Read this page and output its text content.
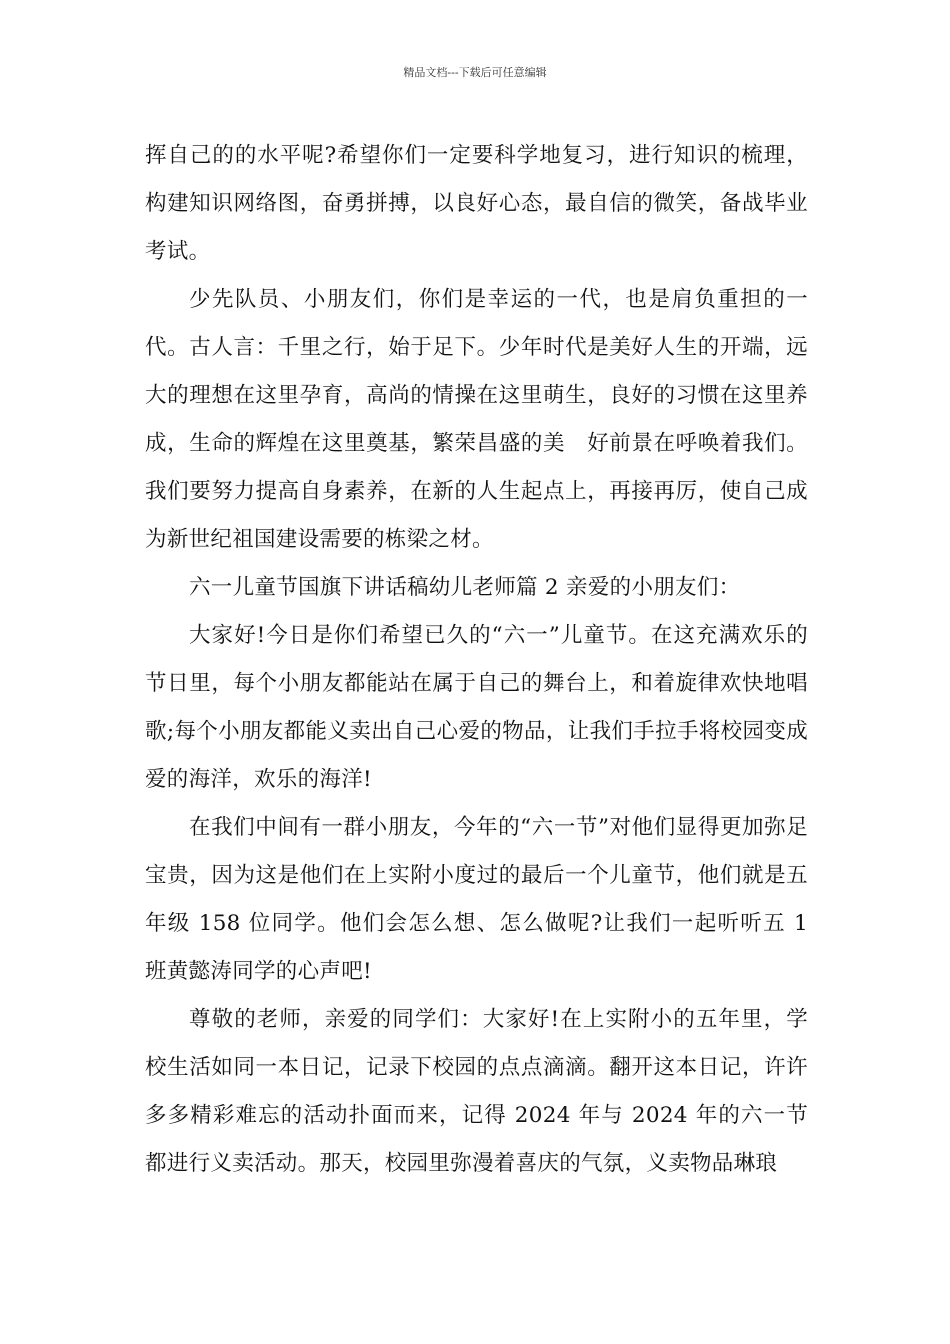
精品文档---下载后可任意编辑

挥自己的的水平呢?希望你们一定要科学地复习，进行知识的梳理，构建知识网络图，奋勇拼搏，以良好心态，最自信的微笑，备战毕业考试。

少先队员、小朋友们，你们是幸运的一代，也是肩负重担的一代。古人言：千里之行，始于足下。少年时代是美好人生的开端，远大的理想在这里孕育，高尚的情操在这里萌生，良好的习惯在这里养成，生命的辉煌在这里奠基，繁荣昌盛的美　好前景在呼唤着我们。我们要努力提高自身素养，在新的人生起点上，再接再厉，使自己成为新世纪祖国建设需要的栋梁之材。

六一儿童节国旗下讲话稿幼儿老师篇 2 亲爱的小朋友们：

大家好!今日是你们希望已久的“六一”儿童节。在这充满欢乐的节日里，每个小朋友都能站在属于自己的舞台上，和着旋律欢快地唱歌;每个小朋友都能义卖出自己心爱的物品，让我们手拉手将校园变成爱的海洋，欢乐的海洋!

在我们中间有一群小朋友，今年的“六一节”对他们显得更加弥足宝贵，因为这是他们在上实附小度过的最后一个儿童节，他们就是五年级 158 位同学。他们会怎么想、怎么做呢?让我们一起听听五 1 班黄懿涛同学的心声吧!

尊敬的老师，亲爱的同学们：大家好!在上实附小的五年里，学校生活如同一本日记，记录下校园的点点滴滴。翻开这本日记，许许多多精彩难忘的活动扑面而来，记得 2024 年与 2024 年的六一节都进行义卖活动。那天，校园里弥漫着喜庆的气氛，义卖物品琳琅
